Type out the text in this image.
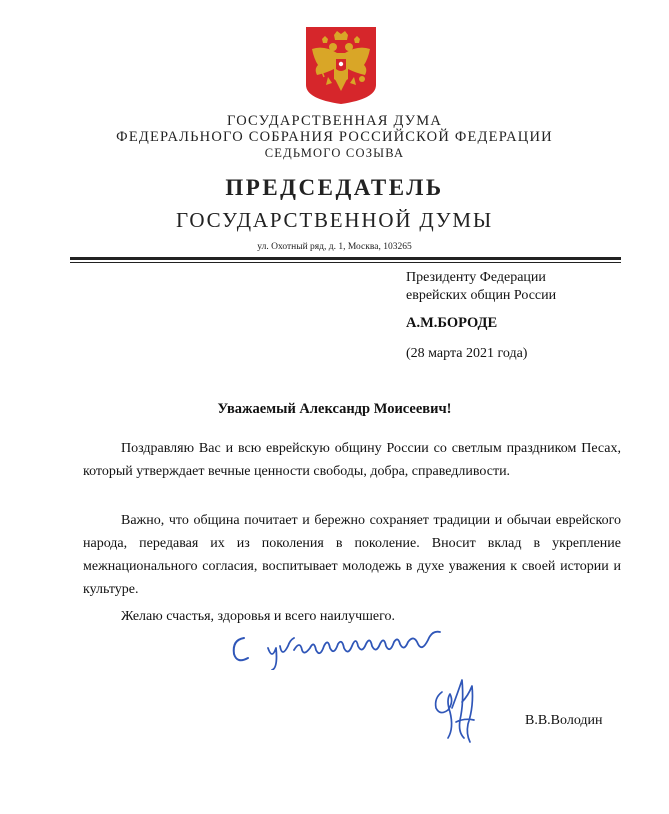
ГОСУДАРСТВЕННАЯ ДУМА
ФЕДЕРАЛЬНОГО СОБРАНИЯ РОССИЙСКОЙ ФЕДЕРАЦИИ
СЕДЬМОГО СОЗЫВА
ПРЕДСЕДАТЕЛЬ
ГОСУДАРСТВЕННОЙ ДУМЫ
ул. Охотный ряд, д. 1, Москва, 103265
Президенту Федерации
еврейских общин России
А.М.БОРОДЕ
(28 марта 2021 года)
Уважаемый Александр Моисеевич!

Поздравляю Вас и всю еврейскую общину России со светлым праздником Песах, который утверждает вечные ценности свободы, добра, справедливости.

Важно, что община почитает и бережно сохраняет традиции и обычаи еврейского народа, передавая их из поколения в поколение. Вносит вклад в укрепление межнационального согласия, воспитывает молодежь в духе уважения к своей истории и культуре.

Желаю счастья, здоровья и всего наилучшего.

В.В.Володин
